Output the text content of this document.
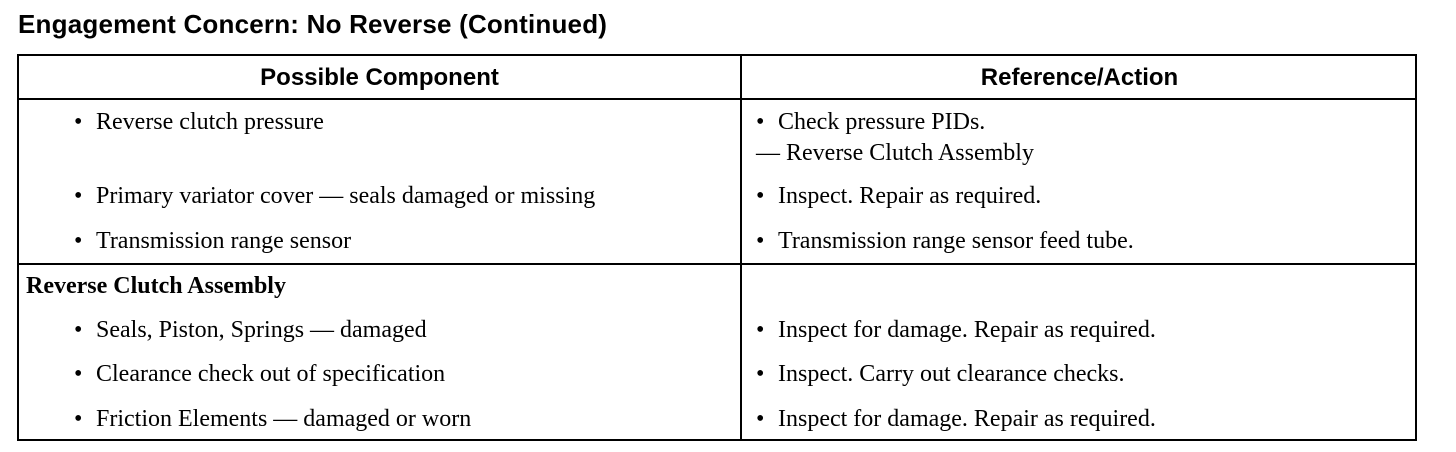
Engagement Concern: No Reverse (Continued)
Possible Component	Reference/Action
• Reverse clutch pressure	• Check pressure PIDs.
— Reverse Clutch Assembly
• Primary variator cover — seals damaged or missing	• Inspect. Repair as required.
• Transmission range sensor	• Transmission range sensor feed tube.
Reverse Clutch Assembly
• Seals, Piston, Springs — damaged	• Inspect for damage. Repair as required.
• Clearance check out of specification	• Inspect. Carry out clearance checks.
• Friction Elements — damaged or worn	• Inspect for damage. Repair as required.
